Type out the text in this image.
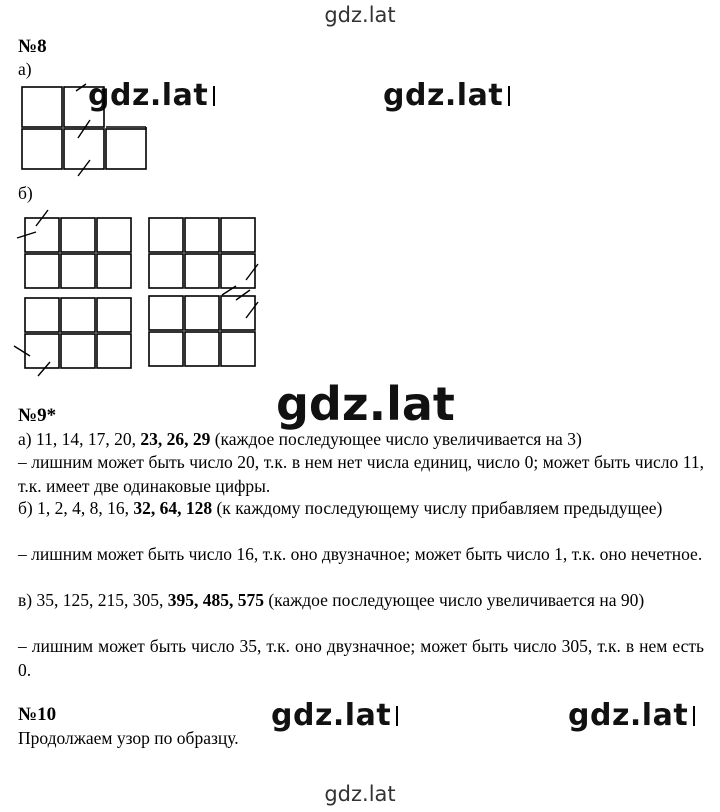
gdz.lat
gdz.lat	gdz.lat
gdz.lat
gdz.lat	gdz.lat
gdz.lat
№8
а)
б)
№9*
а) 11, 14, 17, 20, 23, 26, 29 (каждое последующее число увеличивается на 3)
– лишним может быть число 20, т.к. в нем нет числа единиц, число 0; может быть число 11, т.к. имеет две одинаковые цифры.
б) 1, 2, 4, 8, 16, 32, 64, 128 (к каждому последующему числу прибавляем предыдущее)
– лишним может быть число 16, т.к. оно двузначное; может быть число 1, т.к. оно нечетное.
в) 35, 125, 215, 305, 395, 485, 575 (каждое последующее число увеличивается на 90)
– лишним может быть число 35, т.к. оно двузначное; может быть число 305, т.к. в нем есть 0.
№10
Продолжаем узор по образцу.
